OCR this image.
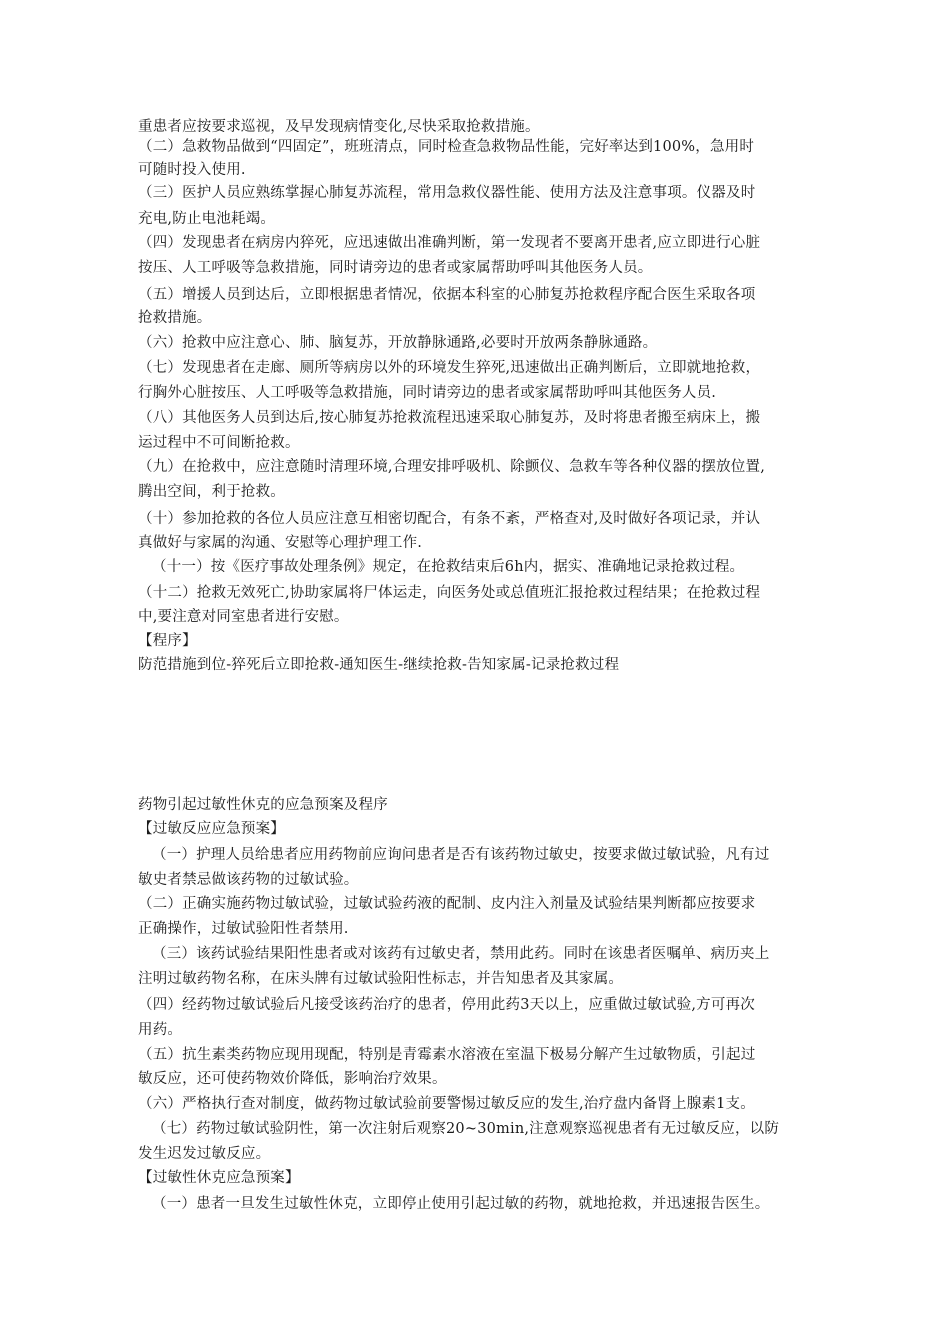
重患者应按要求巡视，及早发现病情变化,尽快采取抢救措施。
（二）急救物品做到“四固定”，班班清点，同时检查急救物品性能，完好率达到100%，急用时
可随时投入使用.
（三）医护人员应熟练掌握心肺复苏流程，常用急救仪器性能、使用方法及注意事项。仪器及时
充电,防止电池耗竭。
（四）发现患者在病房内猝死，应迅速做出准确判断，第一发现者不要离开患者,应立即进行心脏
按压、人工呼吸等急救措施，同时请旁边的患者或家属帮助呼叫其他医务人员。
（五）增援人员到达后，立即根据患者情况，依据本科室的心肺复苏抢救程序配合医生采取各项
抢救措施。
（六）抢救中应注意心、肺、脑复苏，开放静脉通路,必要时开放两条静脉通路。
（七）发现患者在走廊、厕所等病房以外的环境发生猝死,迅速做出正确判断后，立即就地抢救，
行胸外心脏按压、人工呼吸等急救措施，同时请旁边的患者或家属帮助呼叫其他医务人员.
（八）其他医务人员到达后,按心肺复苏抢救流程迅速采取心肺复苏，及时将患者搬至病床上，搬
运过程中不可间断抢救。
（九）在抢救中，应注意随时清理环境,合理安排呼吸机、除颤仪、急救车等各种仪器的摆放位置,
腾出空间，利于抢救。
（十）参加抢救的各位人员应注意互相密切配合，有条不紊，严格查对,及时做好各项记录，并认
真做好与家属的沟通、安慰等心理护理工作.
（十一）按《医疗事故处理条例》规定，在抢救结束后6h内，据实、准确地记录抢救过程。
（十二）抢救无效死亡,协助家属将尸体运走，向医务处或总值班汇报抢救过程结果；在抢救过程
中,要注意对同室患者进行安慰。
【程序】
防范措施到位-猝死后立即抢救-通知医生-继续抢救-告知家属-记录抢救过程
药物引起过敏性休克的应急预案及程序
【过敏反应应急预案】
（一）护理人员给患者应用药物前应询问患者是否有该药物过敏史，按要求做过敏试验，凡有过
敏史者禁忌做该药物的过敏试验。
（二）正确实施药物过敏试验，过敏试验药液的配制、皮内注入剂量及试验结果判断都应按要求
正确操作，过敏试验阳性者禁用.
（三）该药试验结果阳性患者或对该药有过敏史者，禁用此药。同时在该患者医嘱单、病历夹上
注明过敏药物名称，在床头牌有过敏试验阳性标志，并告知患者及其家属。
（四）经药物过敏试验后凡接受该药治疗的患者，停用此药3天以上，应重做过敏试验,方可再次
用药。
（五）抗生素类药物应现用现配，特别是青霉素水溶液在室温下极易分解产生过敏物质，引起过
敏反应，还可使药物效价降低，影响治疗效果。
（六）严格执行查对制度，做药物过敏试验前要警惕过敏反应的发生,治疗盘内备肾上腺素1支。
（七）药物过敏试验阴性，第一次注射后观察20~30min,注意观察巡视患者有无过敏反应，以防
发生迟发过敏反应。
【过敏性休克应急预案】
（一）患者一旦发生过敏性休克，立即停止使用引起过敏的药物，就地抢救，并迅速报告医生。
